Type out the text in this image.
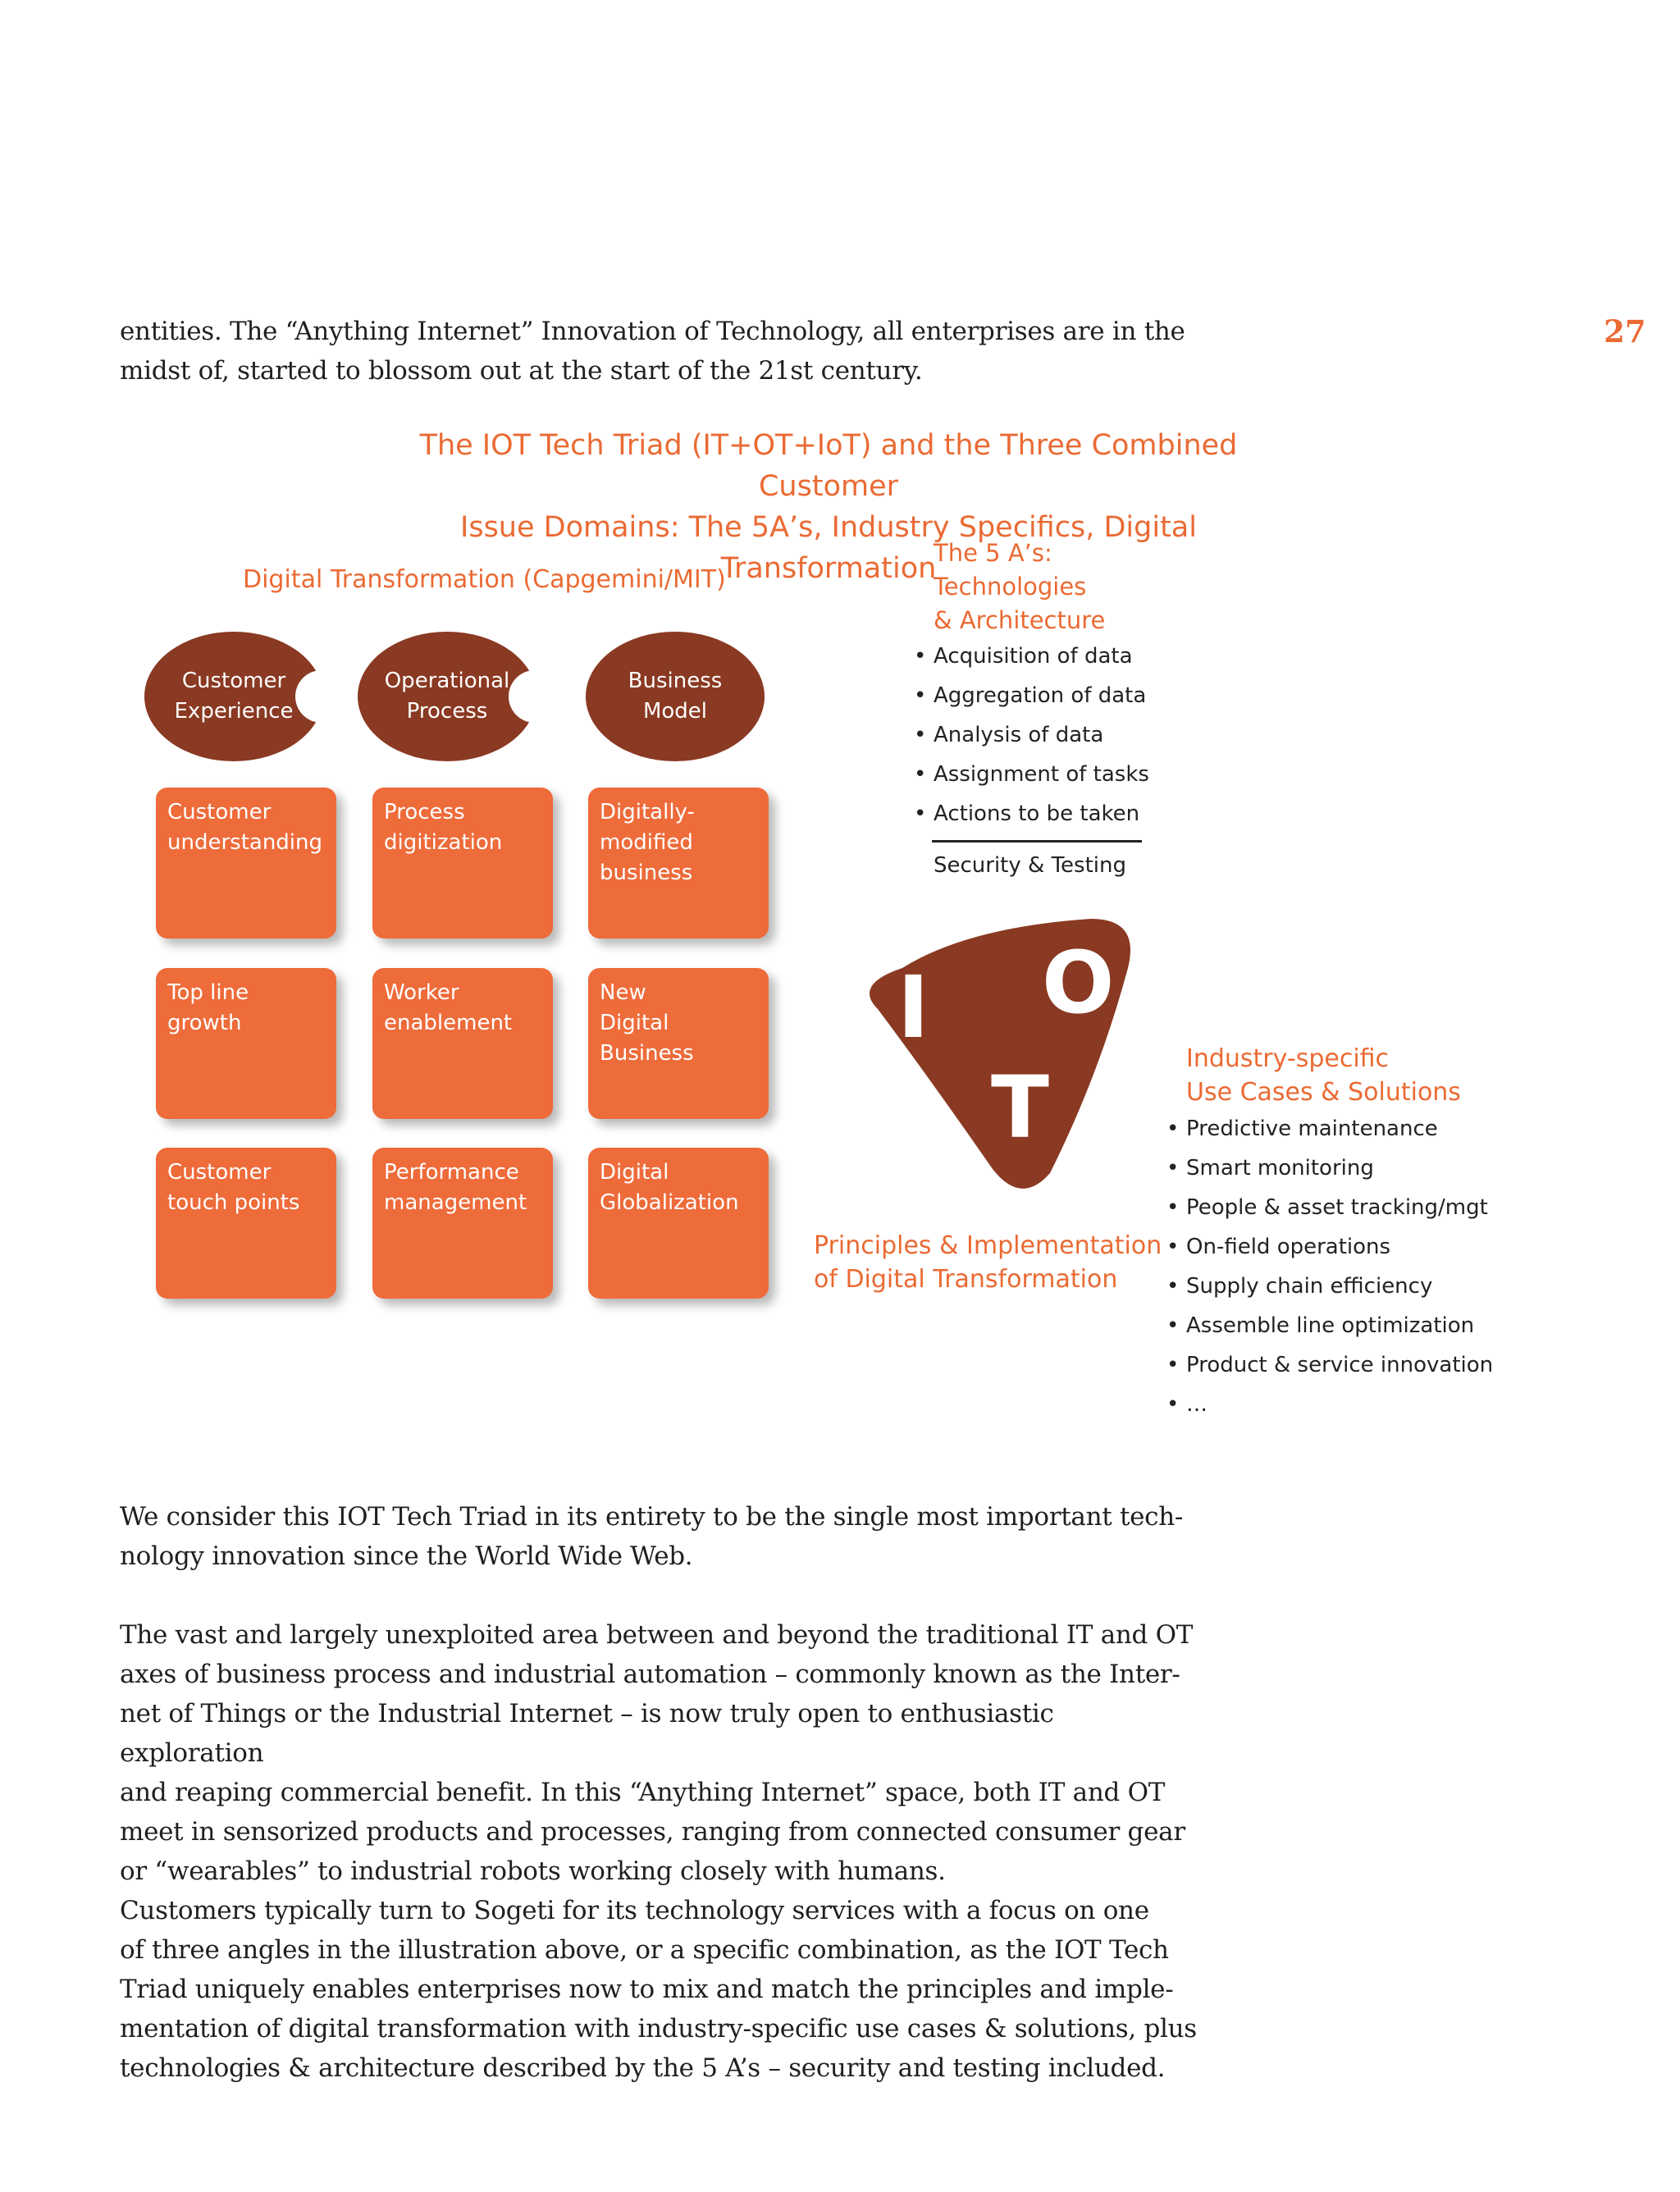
27

entities. The “Anything Internet” Innovation of Technology, all enterprises are in the

midst of, started to blossom out at the start of the 21st century.

The IOT Tech Triad (IT+OT+IoT) and the Three Combined Customer
Issue Domains: The 5A’s, Industry Specifics, Digital Transformation
Digital Transformation (Capgemini/MIT)
Customer
Experience
Operational
Process
Business
Model
Customer
understanding
Process
digitization
Digitally-
modified
business
Top line
growth
Worker
enablement
New
Digital
Business
Customer
touch points
Performance
management
Digital
Globalization
The 5 A’s:
Technologies
& Architecture
• Acquisition of data
• Aggregation of data
• Analysis of data
• Assignment of tasks
• Actions to be taken
Security & Testing
I O
T
Principles & Implementation
of Digital Transformation
Industry-specific
Use Cases & Solutions
• Predictive maintenance
• Smart monitoring
• People & asset tracking/mgt
• On-field operations
• Supply chain efficiency
• Assemble line optimization
• Product & service innovation
• …

We consider this IOT Tech Triad in its entirety to be the single most important tech-

nology innovation since the World Wide Web.

The vast and largely unexploited area between and beyond the traditional IT and OT

axes of business process and industrial automation – commonly known as the Inter-

net of Things or the Industrial Internet – is now truly open to enthusiastic exploration

and reaping commercial benefit. In this “Anything Internet” space, both IT and OT

meet in sensorized products and processes, ranging from connected consumer gear

or “wearables” to industrial robots working closely with humans.

Customers typically turn to Sogeti for its technology services with a focus on one

of three angles in the illustration above, or a specific combination, as the IOT Tech

Triad uniquely enables enterprises now to mix and match the principles and imple-

mentation of digital transformation with industry-specific use cases & solutions, plus

technologies & architecture described by the 5 A’s – security and testing included.
